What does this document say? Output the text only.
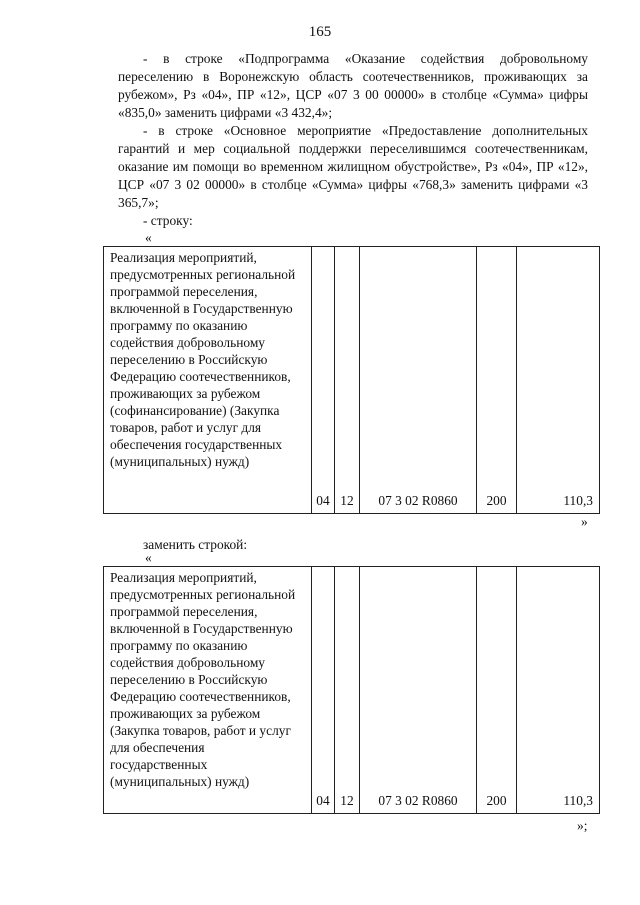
165
- в строке «Подпрограмма «Оказание содействия добровольному переселению в Воронежскую область соотечественников, проживающих за рубежом», Рз «04», ПР «12», ЦСР «07 3 00 00000» в столбце «Сумма» цифры «835,0» заменить цифрами «3 432,4»;
- в строке «Основное мероприятие «Предоставление дополнительных гарантий и мер социальной поддержки переселившимся соотечественникам, оказание им помощи во временном жилищном обустройстве», Рз «04», ПР «12», ЦСР «07 3 02 00000» в столбце «Сумма» цифры «768,3» заменить цифрами «3 365,7»;
- строку:
«
Реализация мероприятий, предусмотренных региональной программой переселения, включенной в Государственную программу по оказанию содействия добровольному переселению в Российскую Федерацию соотечественников, проживающих за рубежом (софинансирование) (Закупка товаров, работ и услуг для обеспечения государственных (муниципальных) нужд)	04	12	07 3 02 R0860	200	110,3
»
заменить строкой:
«
Реализация мероприятий, предусмотренных региональной программой переселения, включенной в Государственную программу по оказанию содействия добровольному переселению в Российскую Федерацию соотечественников, проживающих за рубежом (Закупка товаров, работ и услуг для обеспечения государственных (муниципальных) нужд)	04	12	07 3 02 R0860	200	110,3
»;
